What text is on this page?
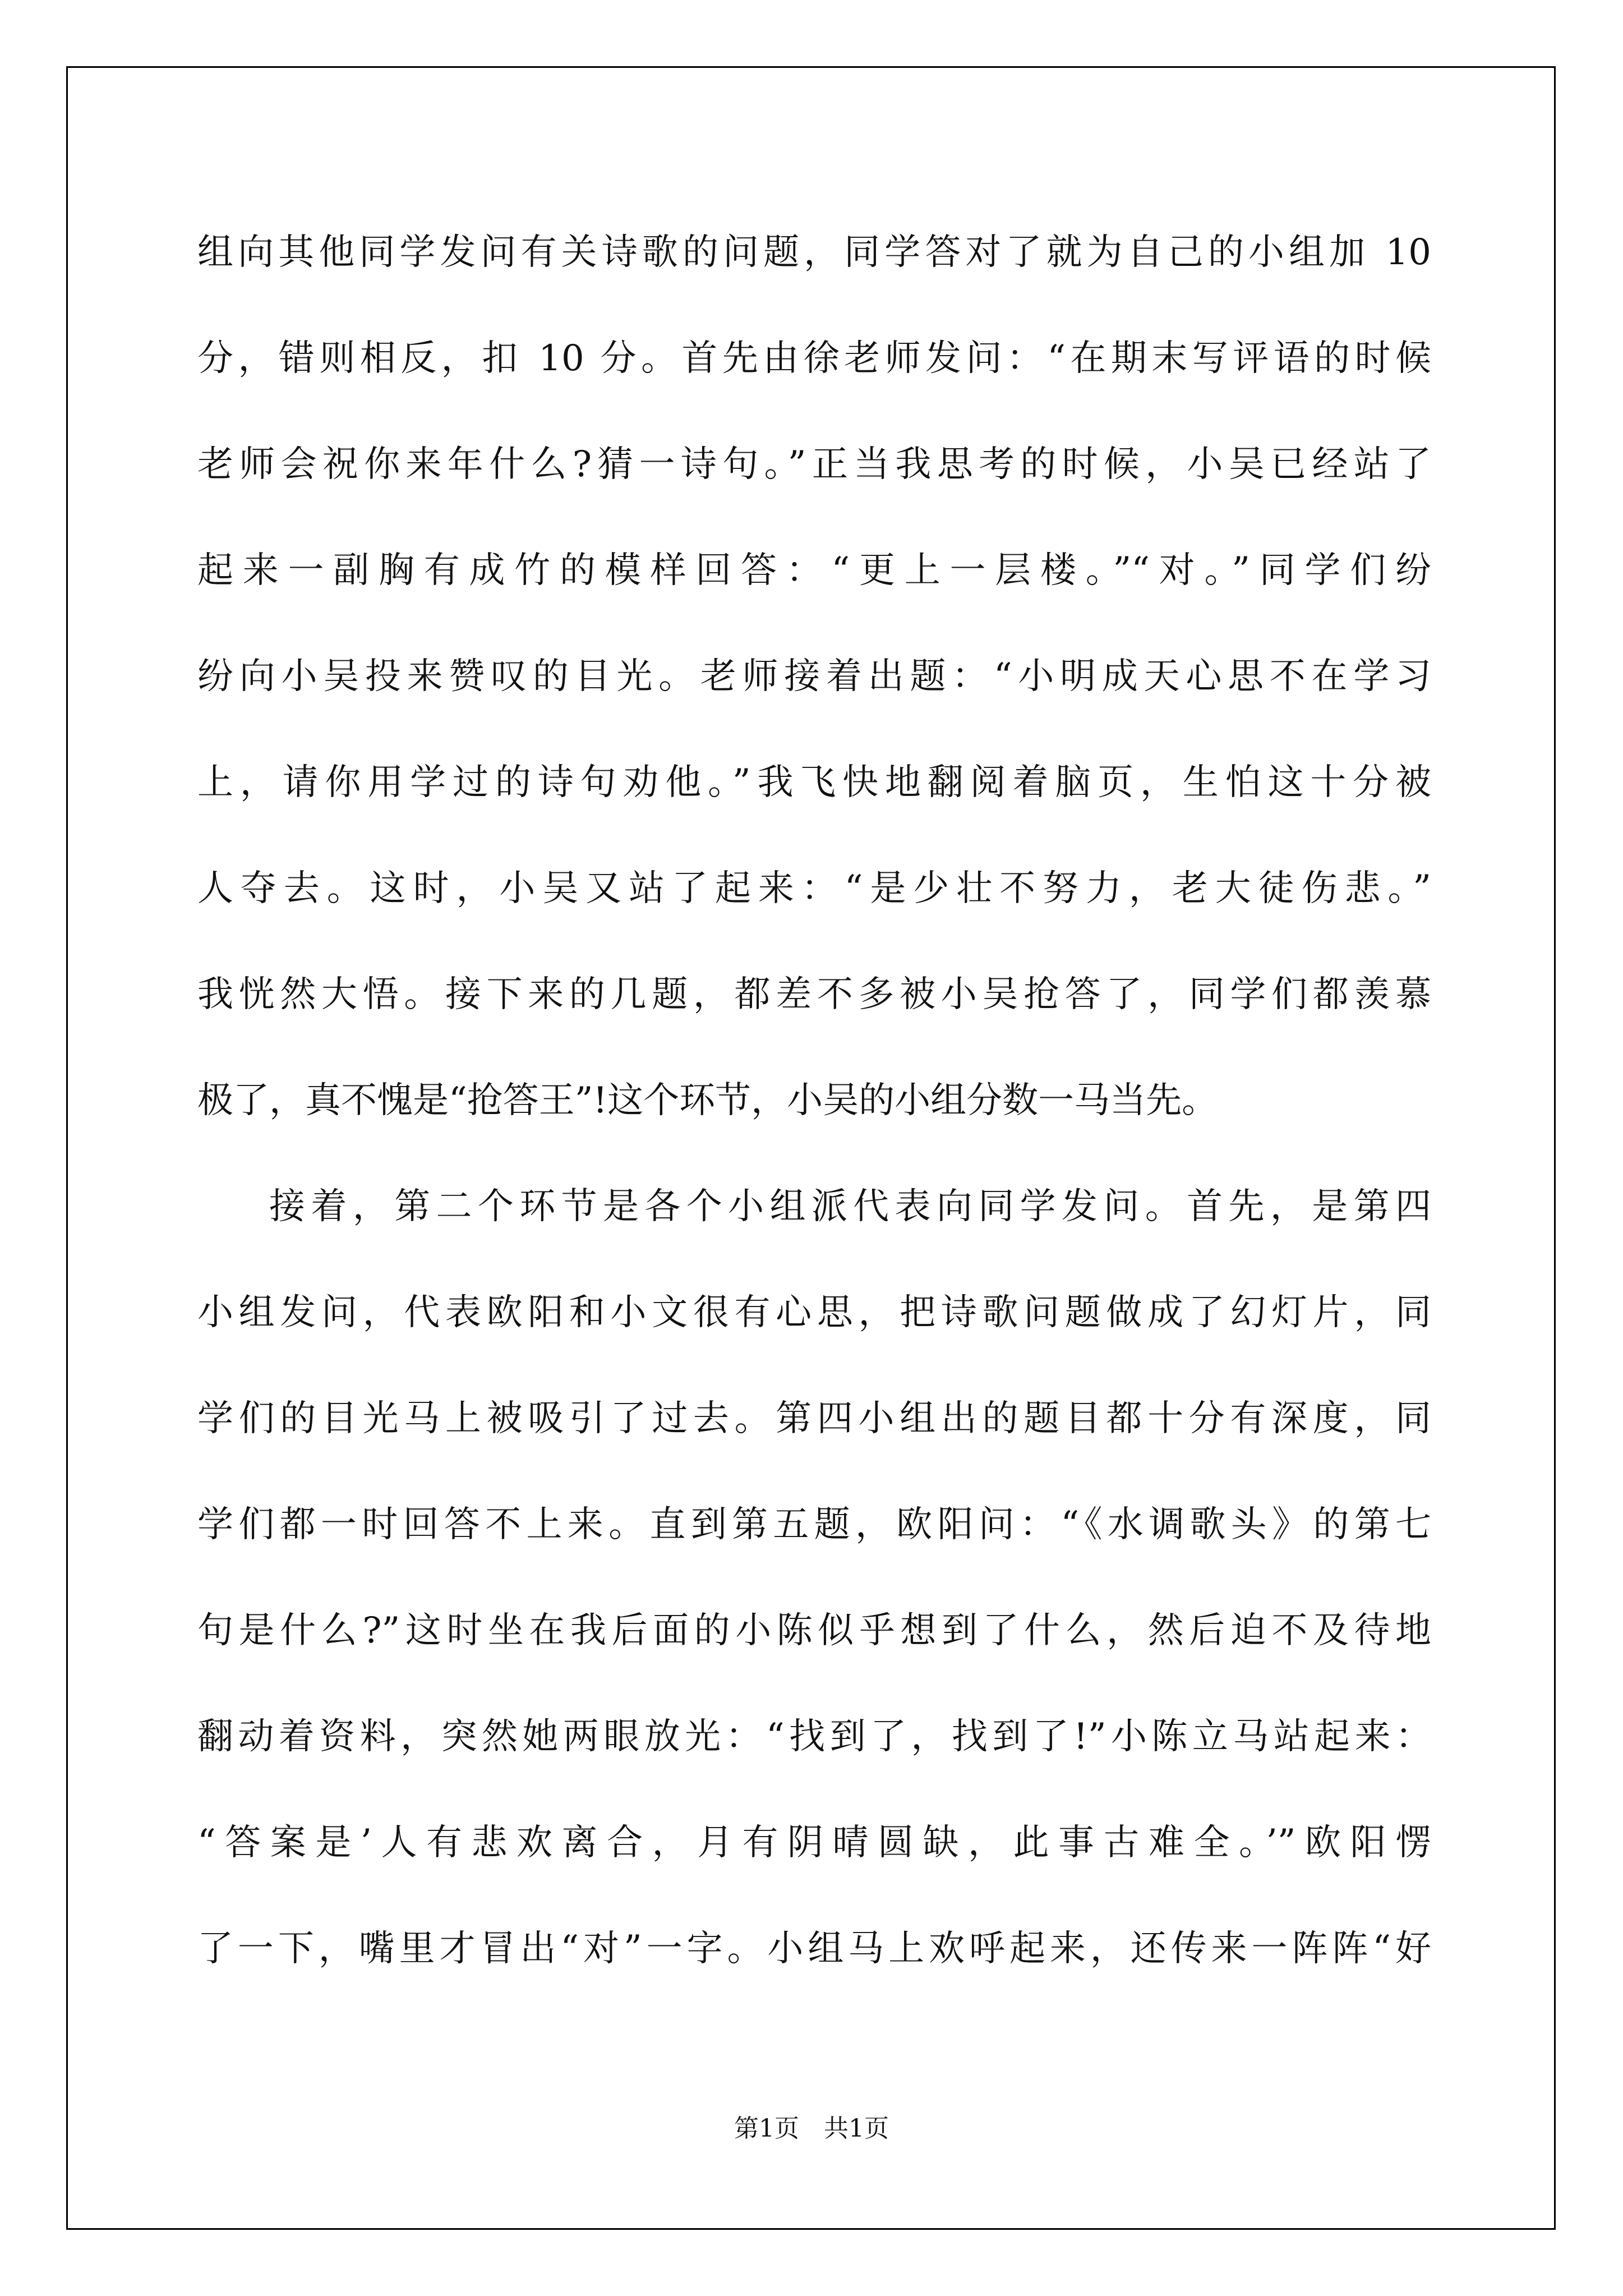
组向其他同学发问有关诗歌的问题，同学答对了就为自己的小组加 10
分，错则相反，扣 10 分。首先由徐老师发问：“在期末写评语的时候
老师会祝你来年什么?猜一诗句。”正当我思考的时候，小吴已经站了
起来一副胸有成竹的模样回答：“更上一层楼。”“对。”同学们纷
纷向小吴投来赞叹的目光。老师接着出题：“小明成天心思不在学习
上，请你用学过的诗句劝他。”我飞快地翻阅着脑页，生怕这十分被
人夺去。这时，小吴又站了起来：“是少壮不努力，老大徒伤悲。”
我恍然大悟。接下来的几题，都差不多被小吴抢答了，同学们都羡慕
极了，真不愧是“抢答王”!这个环节，小吴的小组分数一马当先。
接着，第二个环节是各个小组派代表向同学发问。首先，是第四
小组发问，代表欧阳和小文很有心思，把诗歌问题做成了幻灯片，同
学们的目光马上被吸引了过去。第四小组出的题目都十分有深度，同
学们都一时回答不上来。直到第五题，欧阳问：“《水调歌头》的第七
句是什么?”这时坐在我后面的小陈似乎想到了什么，然后迫不及待地
翻动着资料，突然她两眼放光：“找到了，找到了!”小陈立马站起来：
“答案是’人有悲欢离合，月有阴晴圆缺，此事古难全。’”欧阳愣
了一下，嘴里才冒出“对”一字。小组马上欢呼起来，还传来一阵阵“好
第1页　共1页
